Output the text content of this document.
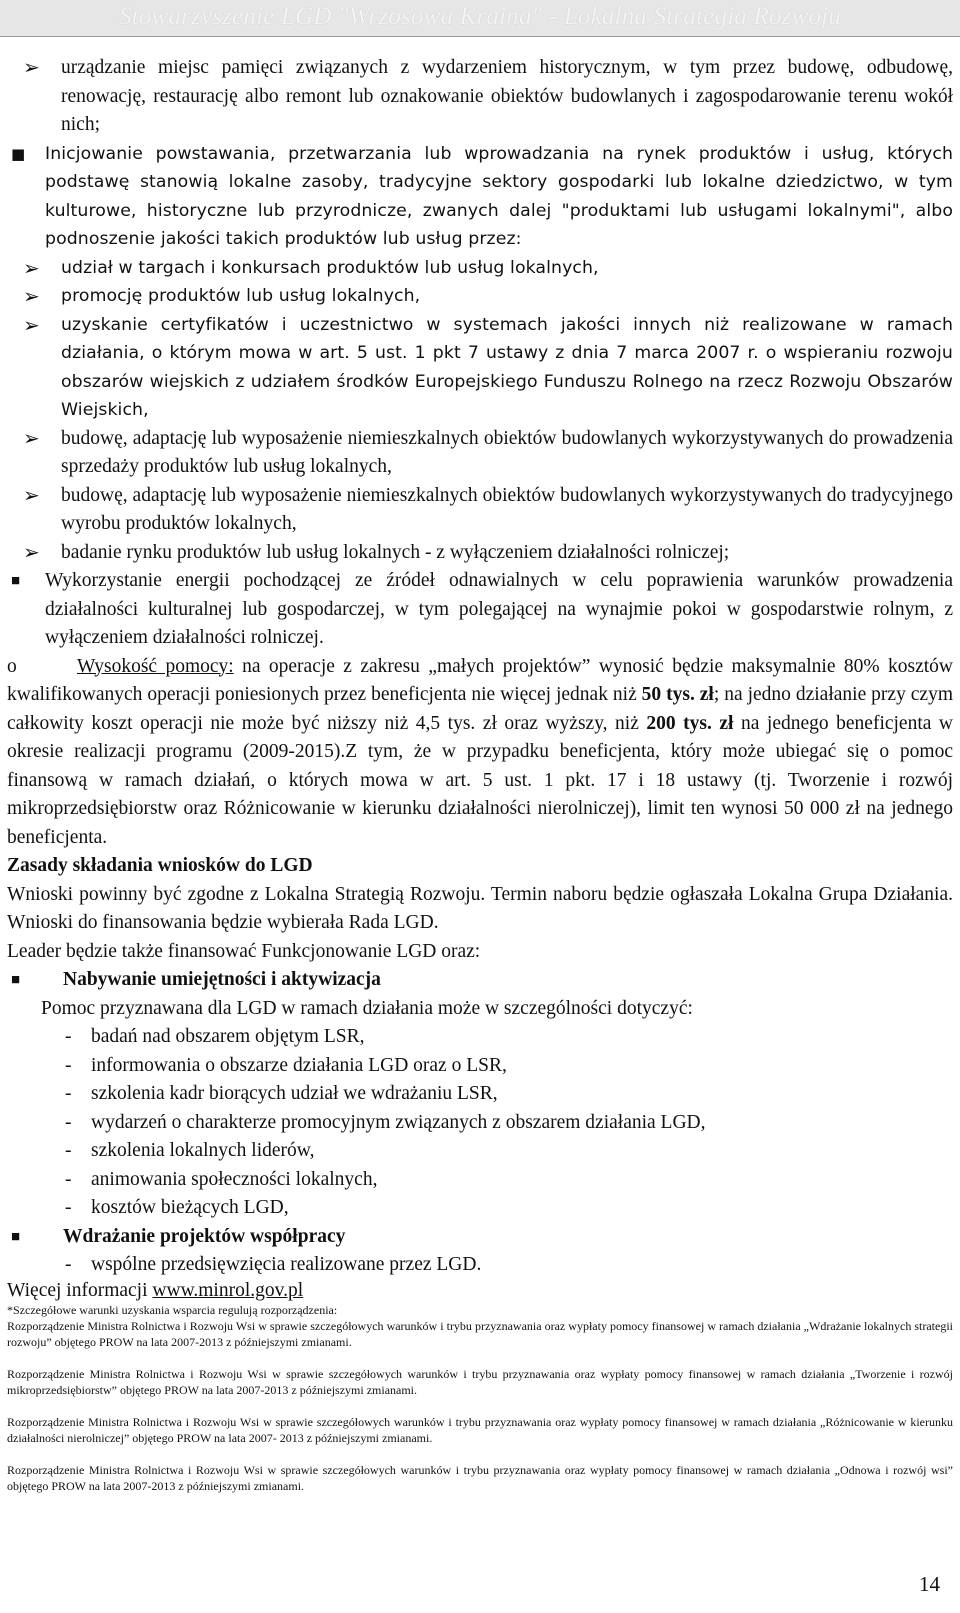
Stowarzyszenie LGD "Wrzosowa Kraina" - Lokalna Strategia Rozwoju
➢	urządzanie miejsc pamięci związanych z wydarzeniem historycznym, w tym przez budowę, odbudowę, renowację, restaurację albo remont lub oznakowanie obiektów budowlanych i zagospodarowanie terenu wokół nich;
■	Inicjowanie powstawania, przetwarzania lub wprowadzania na rynek produktów i usług, których podstawę stanowią lokalne zasoby, tradycyjne sektory gospodarki lub lokalne dziedzictwo, w tym kulturowe, historyczne lub przyrodnicze, zwanych dalej "produktami lub usługami lokalnymi", albo podnoszenie jakości takich produktów lub usług przez:
➢	udział w targach i konkursach produktów lub usług lokalnych,
➢	promocję produktów lub usług lokalnych,
➢	uzyskanie certyfikatów i uczestnictwo w systemach jakości innych niż realizowane w ramach działania, o którym mowa w art. 5 ust. 1 pkt 7 ustawy z dnia 7 marca 2007 r. o wspieraniu rozwoju obszarów wiejskich z udziałem środków Europejskiego Funduszu Rolnego na rzecz Rozwoju Obszarów Wiejskich,
➢	budowę, adaptację lub wyposażenie niemieszkalnych obiektów budowlanych wykorzystywanych do prowadzenia sprzedaży produktów lub usług lokalnych,
➢	budowę, adaptację lub wyposażenie niemieszkalnych obiektów budowlanych wykorzystywanych do tradycyjnego wyrobu produktów lokalnych,
➢	badanie rynku produktów lub usług lokalnych - z wyłączeniem działalności rolniczej;
■	Wykorzystanie energii pochodzącej ze źródeł odnawialnych w celu poprawienia warunków prowadzenia działalności kulturalnej lub gospodarczej, w tym polegającej na wynajmie pokoi w gospodarstwie rolnym, z wyłączeniem działalności rolniczej.

o	Wysokość pomocy: na operacje z zakresu „małych projektów” wynosić będzie maksymalnie 80% kosztów kwalifikowanych operacji poniesionych przez beneficjenta nie więcej jednak niż 50 tys. zł; na jedno działanie przy czym całkowity koszt operacji nie może być niższy niż 4,5 tys. zł oraz wyższy, niż 200 tys. zł na jednego beneficjenta w okresie realizacji programu (2009-2015).Z tym, że w przypadku beneficjenta, który może ubiegać się o pomoc finansową w ramach działań, o których mowa w art. 5 ust. 1 pkt. 17 i 18 ustawy (tj. Tworzenie i rozwój mikroprzedsiębiorstw oraz Różnicowanie w kierunku działalności nierolniczej), limit ten wynosi 50 000 zł na jednego beneficjenta.

Zasady składania wniosków do LGD

Wnioski powinny być zgodne z Lokalna Strategią Rozwoju. Termin naboru będzie ogłaszała Lokalna Grupa Działania. Wnioski do finansowania będzie wybierała Rada LGD.

Leader będzie także finansować Funkcjonowanie LGD oraz:

■	Nabywanie umiejętności i aktywizacja

Pomoc przyznawana dla LGD w ramach działania może w szczególności dotyczyć:

-	badań nad obszarem objętym LSR,
-	informowania o obszarze działania LGD oraz o LSR,
-	szkolenia kadr biorących udział we wdrażaniu LSR,
-	wydarzeń o charakterze promocyjnym związanych z obszarem działania LGD,
-	szkolenia lokalnych liderów,
-	animowania społeczności lokalnych,
-	kosztów bieżących LGD,
■	Wdrażanie projektów współpracy
-	wspólne przedsięwzięcia realizowane przez LGD.

Więcej informacji www.minrol.gov.pl

*Szczegółowe warunki uzyskania wsparcia regulują rozporządzenia:

Rozporządzenie Ministra Rolnictwa i Rozwoju Wsi w sprawie szczegółowych warunków i trybu przyznawania oraz wypłaty pomocy finansowej w ramach działania „Wdrażanie lokalnych strategii rozwoju” objętego PROW na lata 2007-2013 z późniejszymi zmianami.

Rozporządzenie Ministra Rolnictwa i Rozwoju Wsi w sprawie szczegółowych warunków i trybu przyznawania oraz wypłaty pomocy finansowej w ramach działania „Tworzenie i rozwój mikroprzedsiębiorstw” objętego PROW na lata 2007-2013 z późniejszymi zmianami.

Rozporządzenie Ministra Rolnictwa i Rozwoju Wsi w sprawie szczegółowych warunków i trybu przyznawania oraz wypłaty pomocy finansowej w ramach działania „Różnicowanie w kierunku działalności nierolniczej” objętego PROW na lata 2007- 2013 z późniejszymi zmianami.

Rozporządzenie Ministra Rolnictwa i Rozwoju Wsi w sprawie szczegółowych warunków i trybu przyznawania oraz wypłaty pomocy finansowej w ramach działania „Odnowa i rozwój wsi” objętego PROW na lata 2007-2013 z późniejszymi zmianami.

14
